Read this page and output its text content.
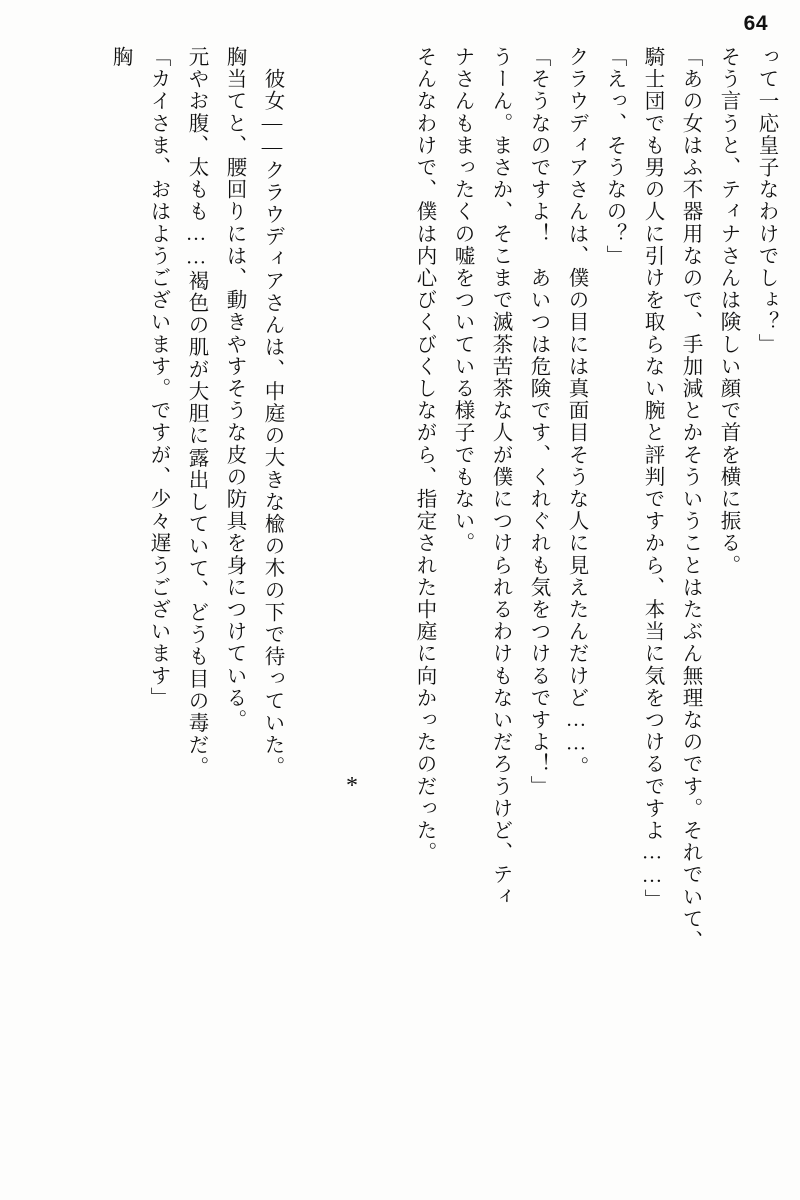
64
胸 「カイさま、おはようございます。ですが、少々遅うございます」 元やお腹、太もも……褐色の肌が大胆に露出していて、どうも目の毒だ。 胸当てと、腰回りには、動きやすそうな皮の防具を身につけている。 彼女――クラウディアさんは、中庭の大きな楡の木の下で待っていた。
*	そんなわけで、僕は内心びくびくしながら、指定された中庭に向かったのだった。 ナさんもまったくの嘘をついている様子でもない。 うーん。まさか、そこまで滅茶苦茶な人が僕につけられるわけもないだろうけど、ティ 「そうなのですよ！　あいつは危険です、くれぐれも気をつけるですよ！」 クラウディアさんは、僕の目には真面目そうな人に見えたんだけど……。 「えっ、そうなの？」 騎士団でも男の人に引けを取らない腕と評判ですから、本当に気をつけるですよ……」 「あの女はふ不器用なので、手加減とかそういうことはたぶん無理なのです。それでいて、 そう言うと、ティナさんは険しい顔で首を横に振る。 って一応皇子なわけでしょ？」
